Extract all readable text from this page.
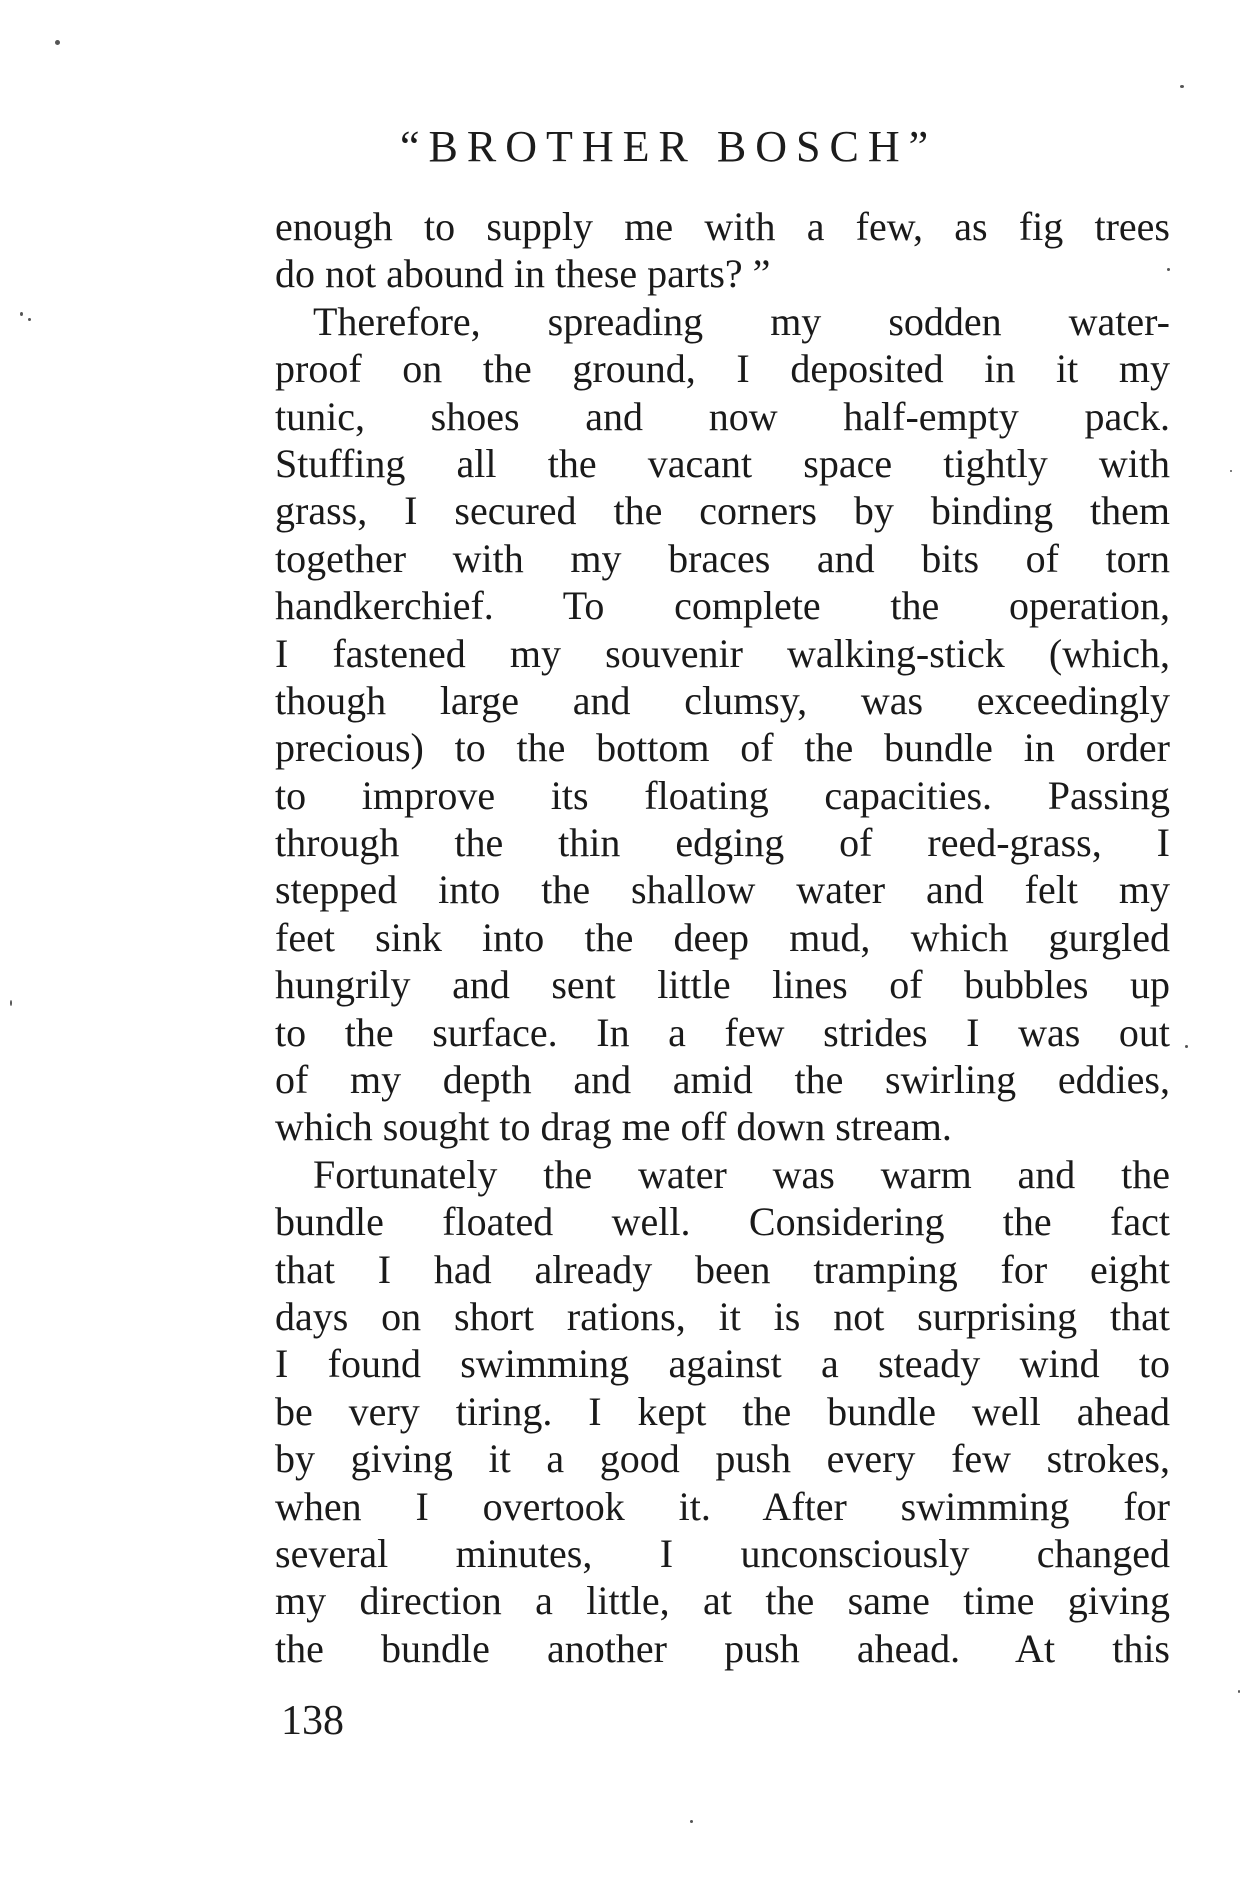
“BROTHER BOSCH”
enough to supply me with a few, as fig trees
do not abound in these parts? ”
Therefore, spreading my sodden water-
proof on the ground, I deposited in it my
tunic, shoes and now half-empty pack.
Stuffing all the vacant space tightly with
grass, I secured the corners by binding them
together with my braces and bits of torn
handkerchief. To complete the operation,
I fastened my souvenir walking-stick (which,
though large and clumsy, was exceedingly
precious) to the bottom of the bundle in order
to improve its floating capacities. Passing
through the thin edging of reed-grass, I
stepped into the shallow water and felt my
feet sink into the deep mud, which gurgled
hungrily and sent little lines of bubbles up
to the surface. In a few strides I was out
of my depth and amid the swirling eddies,
which sought to drag me off down stream.
Fortunately the water was warm and the
bundle floated well. Considering the fact
that I had already been tramping for eight
days on short rations, it is not surprising that
I found swimming against a steady wind to
be very tiring. I kept the bundle well ahead
by giving it a good push every few strokes,
when I overtook it. After swimming for
several minutes, I unconsciously changed
my direction a little, at the same time giving
the bundle another push ahead. At this
138
